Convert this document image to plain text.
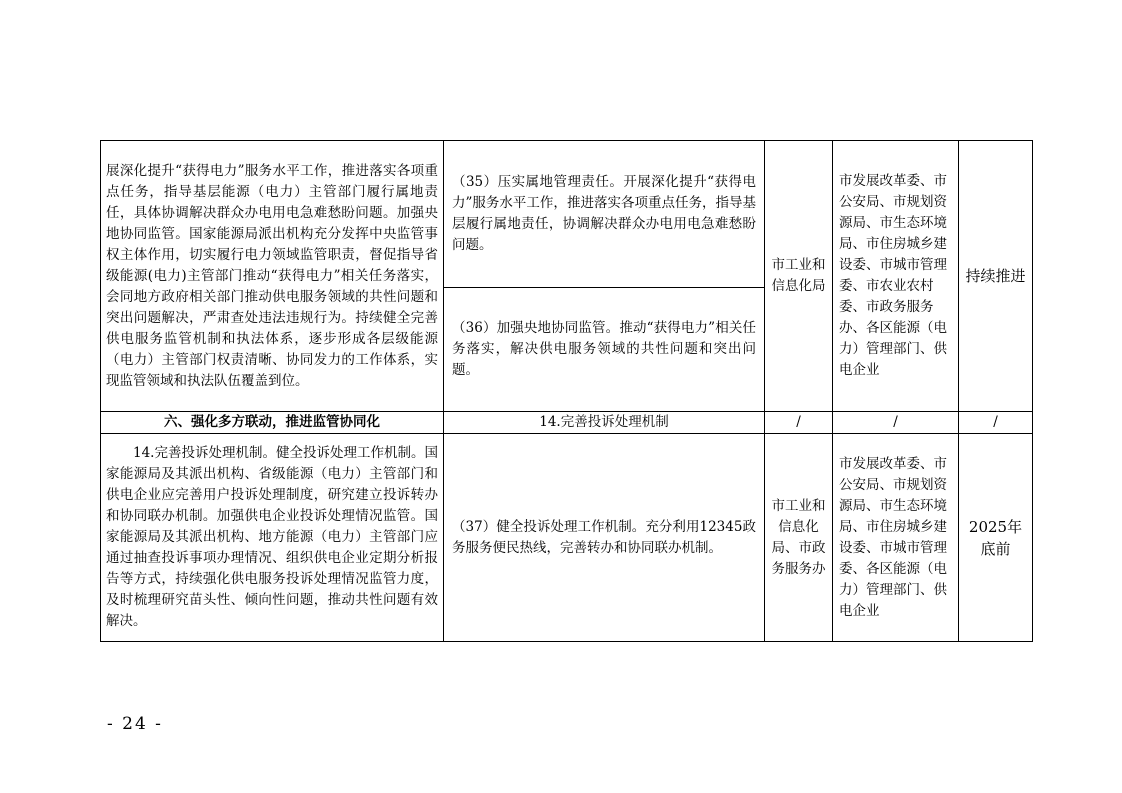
展深化提升“获得电力”服务水平工作，推进落实各项重点任务，指导基层能源（电力）主管部门履行属地责任，具体协调解决群众办电用电急难愁盼问题。加强央地协同监管。国家能源局派出机构充分发挥中央监管事权主体作用，切实履行电力领域监管职责，督促指导省级能源(电力)主管部门推动“获得电力”相关任务落实，会同地方政府相关部门推动供电服务领域的共性问题和突出问题解决，严肃查处违法违规行为。持续健全完善供电服务监管机制和执法体系，逐步形成各层级能源（电力）主管部门权责清晰、协同发力的工作体系，实现监管领域和执法队伍覆盖到位。	（35）压实属地管理责任。开展深化提升“获得电力”服务水平工作，推进落实各项重点任务，指导基层履行属地责任，协调解决群众办电用电急难愁盼问题。	市工业和信息化局	市发展改革委、市公安局、市规划资源局、市生态环境局、市住房城乡建设委、市城市管理委、市农业农村委、市政务服务办、各区能源（电力）管理部门、供电企业	持续推进
	（36）加强央地协同监管。推动“获得电力”相关任务落实，解决供电服务领域的共性问题和突出问题。			
六、强化多方联动，推进监管协同化	14.完善投诉处理机制	/	/	/
14.完善投诉处理机制。健全投诉处理工作机制。国家能源局及其派出机构、省级能源（电力）主管部门和供电企业应完善用户投诉处理制度，研究建立投诉转办和协同联办机制。加强供电企业投诉处理情况监管。国家能源局及其派出机构、地方能源（电力）主管部门应通过抽查投诉事项办理情况、组织供电企业定期分析报告等方式，持续强化供电服务投诉处理情况监管力度，及时梳理研究苗头性、倾向性问题，推动共性问题有效解决。	（37）健全投诉处理工作机制。充分利用12345政务服务便民热线，完善转办和协同联办机制。	市工业和信息化局、市政务服务办	市发展改革委、市公安局、市规划资源局、市生态环境局、市住房城乡建设委、市城市管理委、各区能源（电力）管理部门、供电企业	2025年底前
- 24 -
